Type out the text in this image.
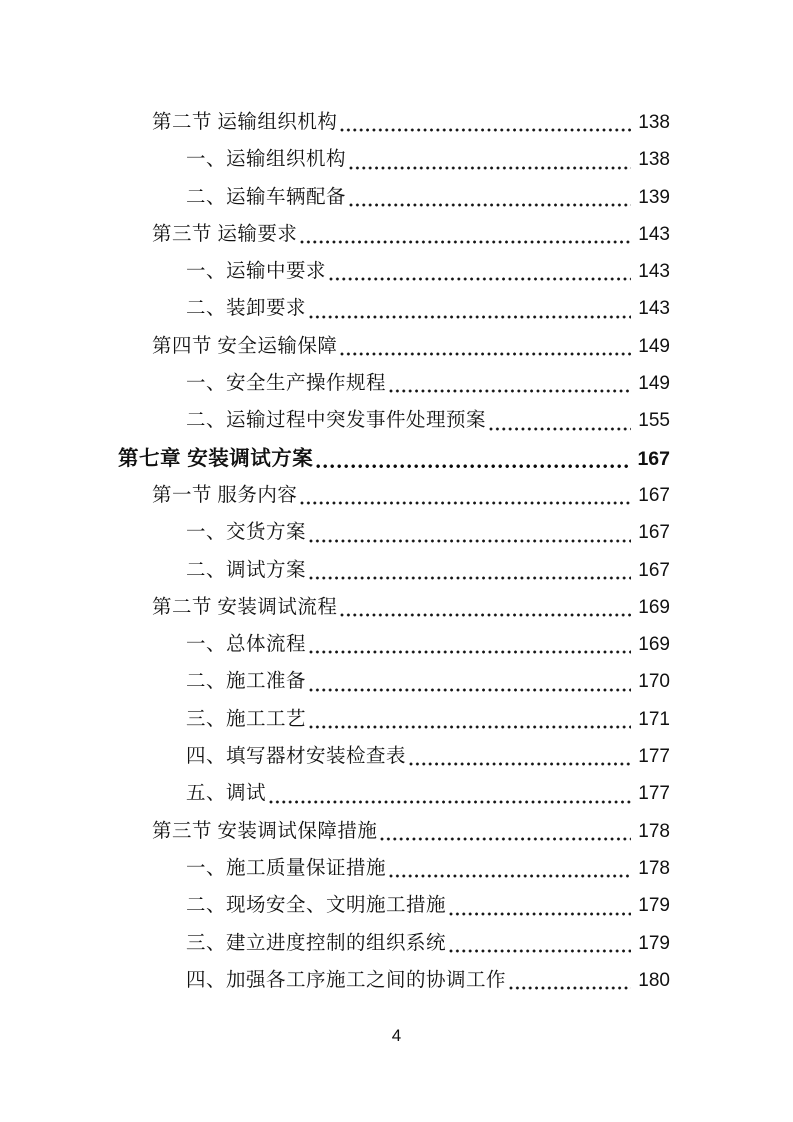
第二节 运输组织机构	138
一、运输组织机构	138
二、运输车辆配备	139
第三节 运输要求	143
一、运输中要求	143
二、装卸要求	143
第四节 安全运输保障	149
一、安全生产操作规程	149
二、运输过程中突发事件处理预案	155
第七章 安装调试方案	167
第一节 服务内容	167
一、交货方案	167
二、调试方案	167
第二节 安装调试流程	169
一、总体流程	169
二、施工准备	170
三、施工工艺	171
四、填写器材安装检查表	177
五、调试	177
第三节 安装调试保障措施	178
一、施工质量保证措施	178
二、现场安全、文明施工措施	179
三、建立进度控制的组织系统	179
四、加强各工序施工之间的协调工作	180
4
